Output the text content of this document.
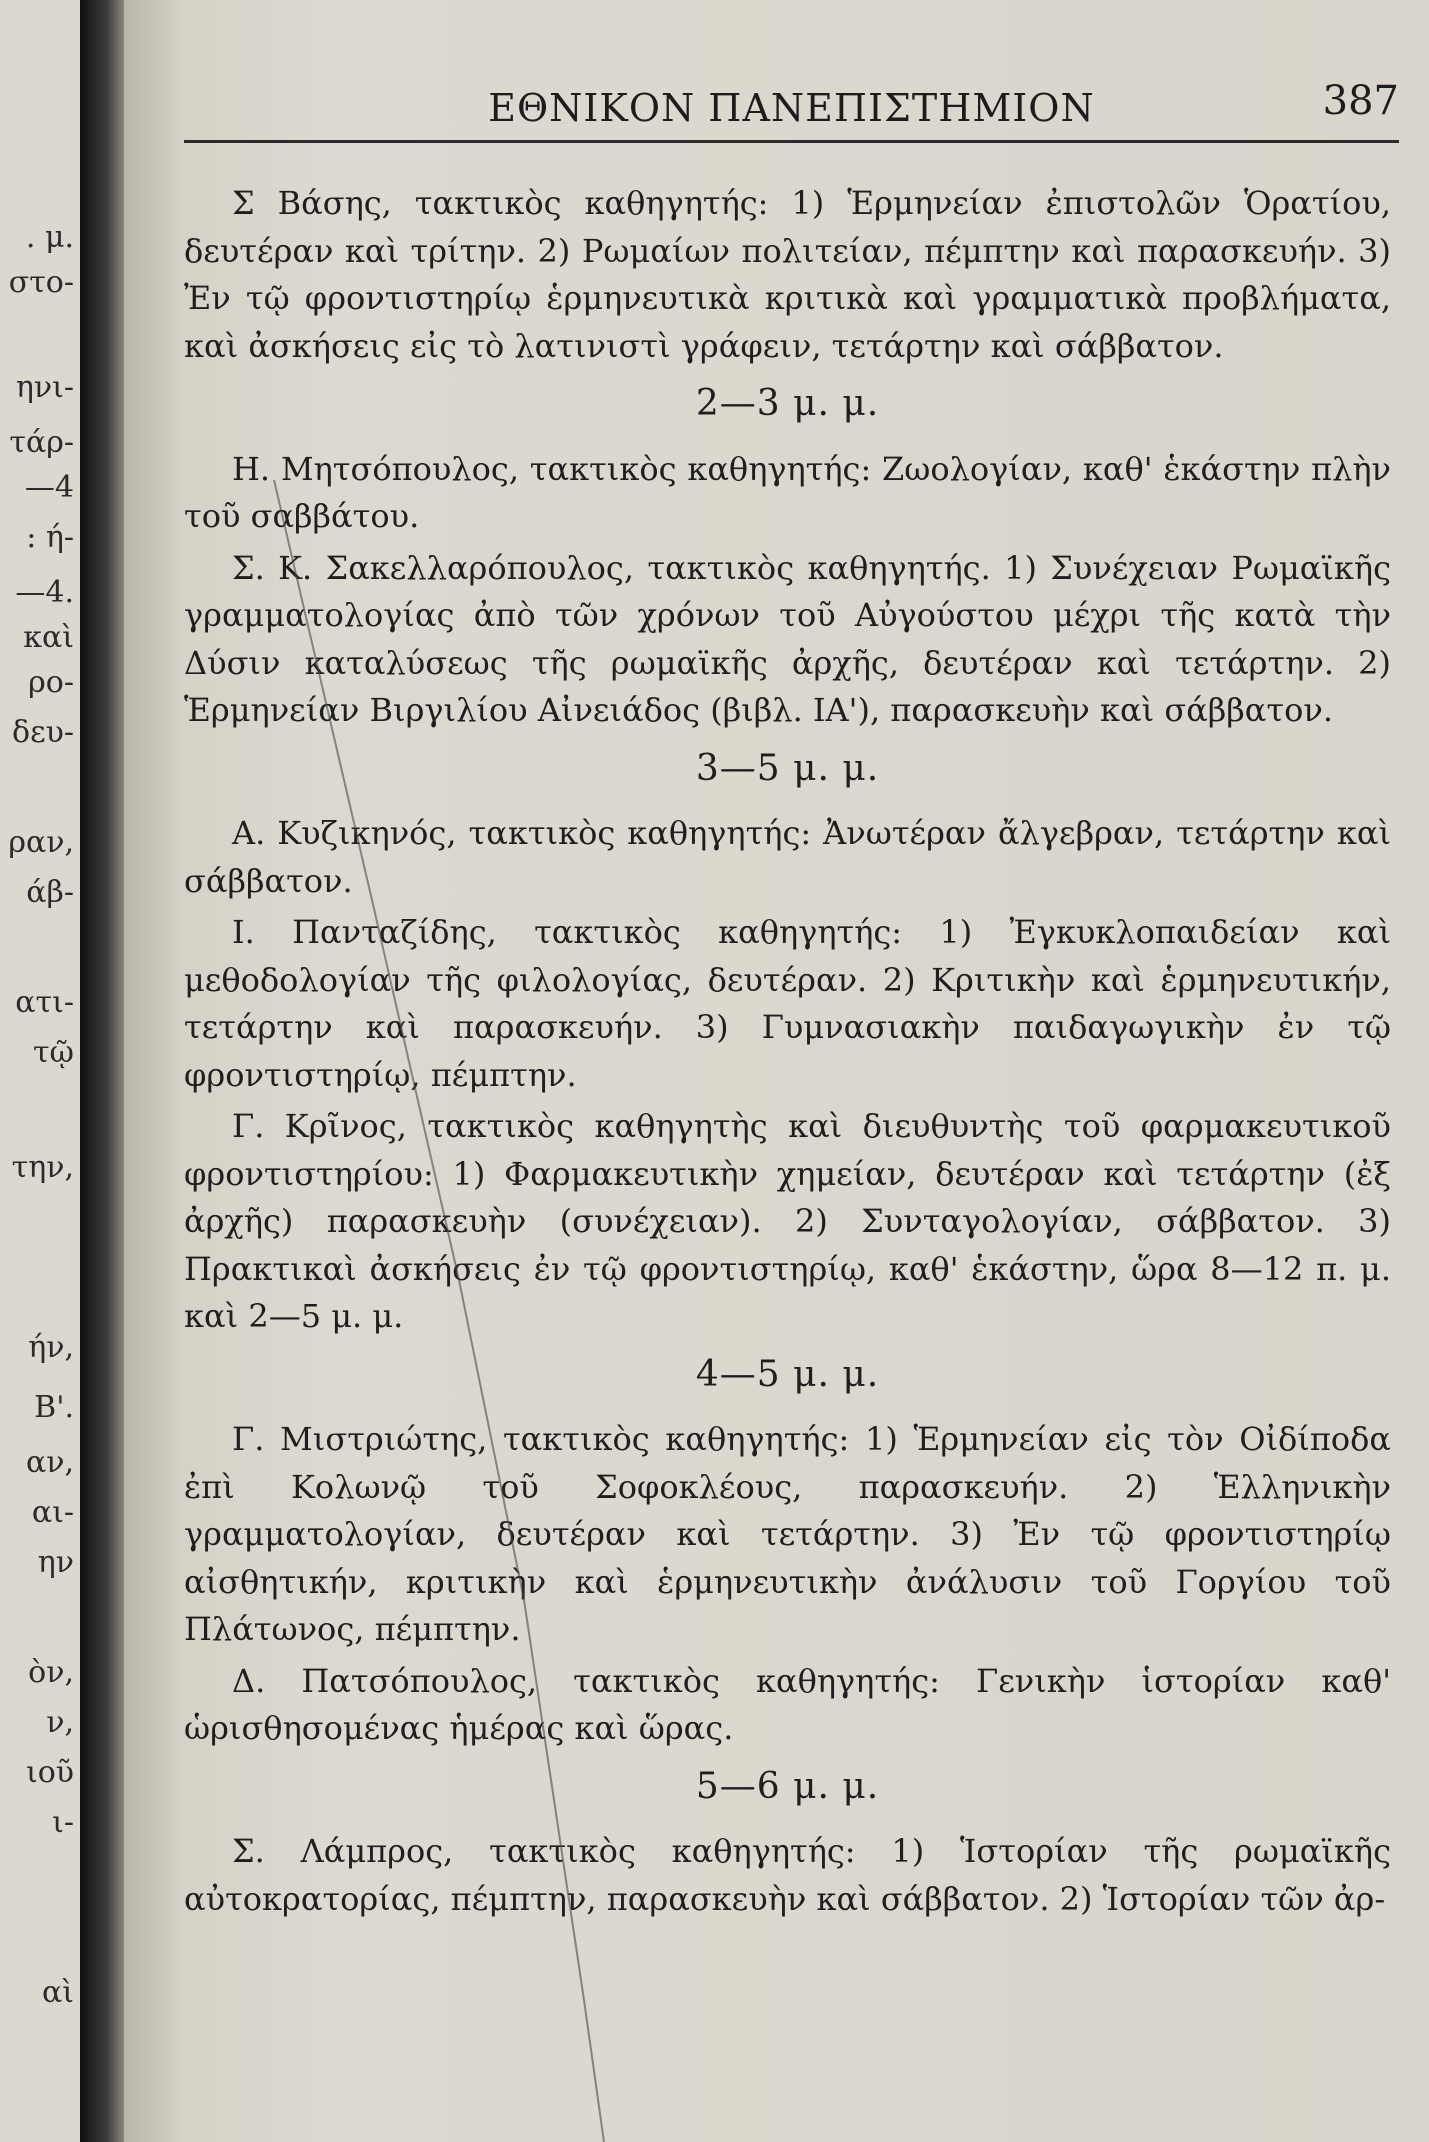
. μ.
στο-
ηνι-
τάρ-
—4
: ή-
—4.
καὶ
ρο-
δευ-
ραν,
άβ-
ατι-
τῷ
την,
ήν,
Β'.
αν,
αι-
ην
ὸν,
ν,
ιοῦ
ι-
αὶ
ΕΘΝΙΚΟΝ ΠΑΝΕΠΙΣΤΗΜΙΟΝ	387
Σ Βάσης, τακτικὸς καθηγητής: 1) Ἑρμηνείαν ἐπιστολῶν Ὁρατίου, δευτέραν καὶ τρίτην. 2) Ρωμαίων πολιτείαν, πέμπτην καὶ παρασκευήν. 3) Ἐν τῷ φροντιστηρίῳ ἑρμηνευτικὰ κριτικὰ καὶ γραμματικὰ προβλήματα, καὶ ἀσκήσεις εἰς τὸ λατινιστὶ γράφειν, τετάρτην καὶ σάββατον.
2—3 μ. μ.
Η. Μητσόπουλος, τακτικὸς καθηγητής: Ζωολογίαν, καθ' ἑκάστην πλὴν τοῦ σαββάτου.
Σ. Κ. Σακελλαρόπουλος, τακτικὸς καθηγητής. 1) Συνέχειαν Ρωμαϊκῆς γραμματολογίας ἀπὸ τῶν χρόνων τοῦ Αὐγούστου μέχρι τῆς κατὰ τὴν Δύσιν καταλύσεως τῆς ρωμαϊκῆς ἀρχῆς, δευτέραν καὶ τετάρτην. 2) Ἑρμηνείαν Βιργιλίου Αἰνειάδος (βιβλ. ΙΑ'), παρασκευὴν καὶ σάββατον.
3—5 μ. μ.
Α. Κυζικηνός, τακτικὸς καθηγητής: Ἀνωτέραν ἄλγεβραν, τετάρτην καὶ σάββατον.
Ι. Πανταζίδης, τακτικὸς καθηγητής: 1) Ἐγκυκλοπαιδείαν καὶ μεθοδολογίαν τῆς φιλολογίας, δευτέραν. 2) Κριτικὴν καὶ ἑρμηνευτικήν, τετάρτην καὶ παρασκευήν. 3) Γυμνασιακὴν παιδαγωγικὴν ἐν τῷ φροντιστηρίῳ, πέμπτην.
Γ. Κρῖνος, τακτικὸς καθηγητὴς καὶ διευθυντὴς τοῦ φαρμακευτικοῦ φροντιστηρίου: 1) Φαρμακευτικὴν χημείαν, δευτέραν καὶ τετάρτην (ἐξ ἀρχῆς) παρασκευὴν (συνέχειαν). 2) Συνταγολογίαν, σάββατον. 3) Πρακτικαὶ ἀσκήσεις ἐν τῷ φροντιστηρίῳ, καθ' ἑκάστην, ὥρα 8—12 π. μ. καὶ 2—5 μ. μ.
4—5 μ. μ.
Γ. Μιστριώτης, τακτικὸς καθηγητής: 1) Ἑρμηνείαν εἰς τὸν Οἰδίποδα ἐπὶ Κολωνῷ τοῦ Σοφοκλέους, παρασκευήν. 2) Ἑλληνικὴν γραμματολογίαν, δευτέραν καὶ τετάρτην. 3) Ἐν τῷ φροντιστηρίῳ αἰσθητικήν, κριτικὴν καὶ ἑρμηνευτικὴν ἀνάλυσιν τοῦ Γοργίου τοῦ Πλάτωνος, πέμπτην.
Δ. Πατσόπουλος, τακτικὸς καθηγητής: Γενικὴν ἱστορίαν καθ' ὡρισθησομένας ἡμέρας καὶ ὥρας.
5—6 μ. μ.
Σ. Λάμπρος, τακτικὸς καθηγητής: 1) Ἱστορίαν τῆς ρωμαϊκῆς αὐτοκρατορίας, πέμπτην, παρασκευὴν καὶ σάββατον. 2) Ἱστορίαν τῶν ἀρ-
